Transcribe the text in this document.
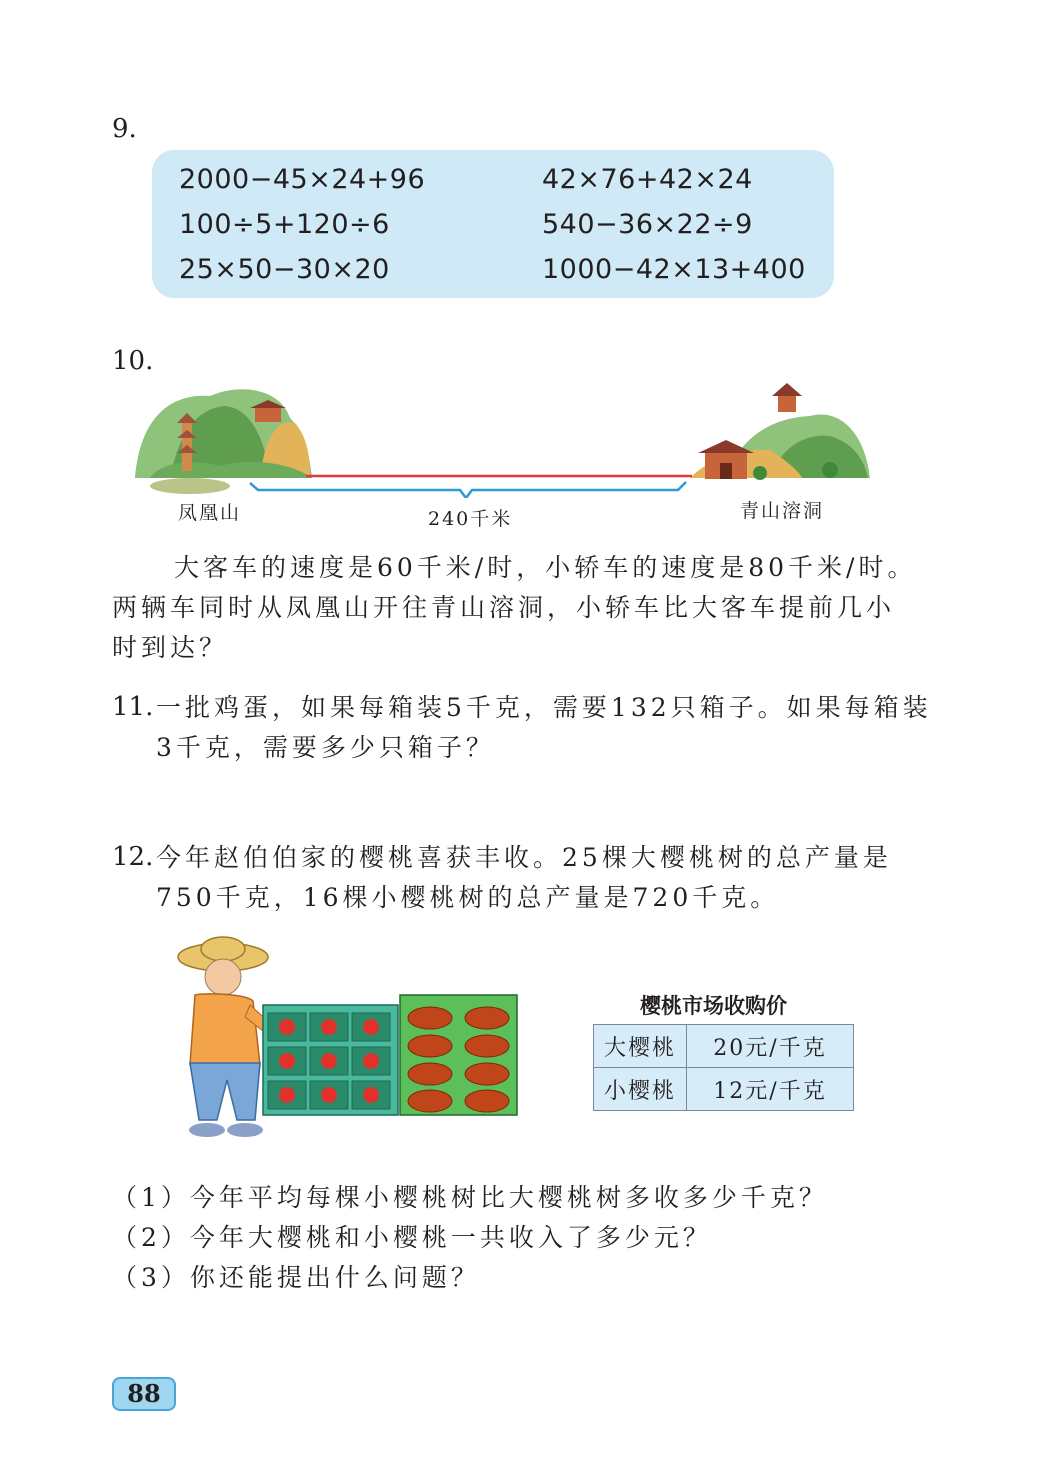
9.
2000−45×24+96	42×76+42×24
100÷5+120÷6	540−36×22÷9
25×50−30×20	1000−42×13+400
10.
凤凰山	240千米	青山溶洞
大客车的速度是60千米/时，小轿车的速度是80千米/时。
两辆车同时从凤凰山开往青山溶洞，小轿车比大客车提前几小
时到达？
11. 一批鸡蛋，如果每箱装5千克，需要132只箱子。如果每箱装
3千克，需要多少只箱子？
12. 今年赵伯伯家的樱桃喜获丰收。25棵大樱桃树的总产量是
750千克，16棵小樱桃树的总产量是720千克。
樱桃市场收购价
大樱桃	20元/千克
小樱桃	12元/千克
（1）今年平均每棵小樱桃树比大樱桃树多收多少千克？
（2）今年大樱桃和小樱桃一共收入了多少元？
（3）你还能提出什么问题？
88
